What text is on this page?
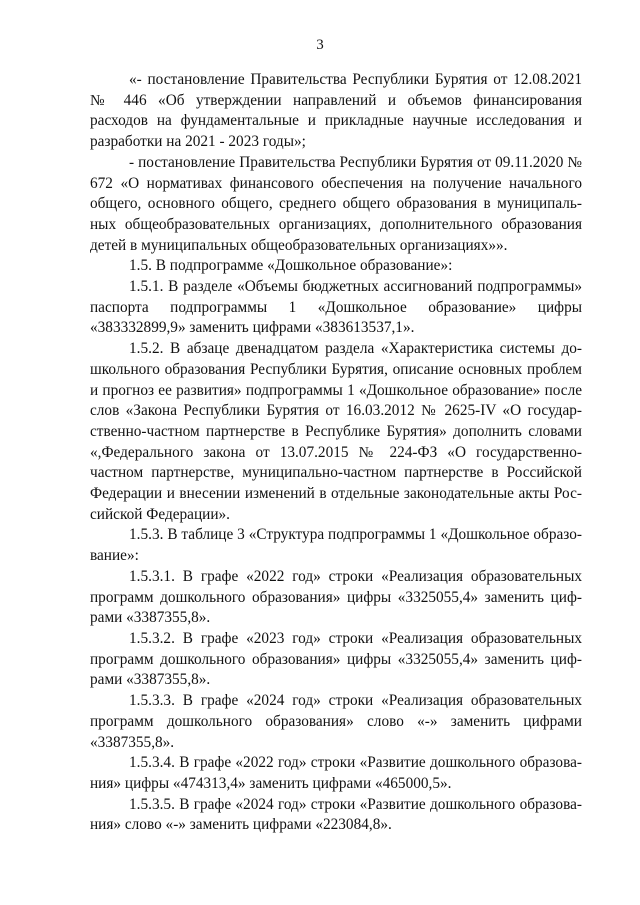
3

«- постановление Правительства Республики Бурятия от 12.08.2021 № 446 «Об утверждении направлений и объемов финансирования расходов на фундаментальные и прикладные научные исследования и разработки на 2021 - 2023 годы»;

- постановление Правительства Республики Бурятия от 09.11.2020 № 672 «О нормативах финансового обеспечения на получение начального общего, основного общего, среднего общего образования в муниципальных общеобразовательных организациях, дополнительного образования детей в муниципальных общеобразовательных организациях»».

1.5. В подпрограмме «Дошкольное образование»:

1.5.1. В разделе «Объемы бюджетных ассигнований подпрограммы» паспорта подпрограммы 1 «Дошкольное образование» цифры «383332899,9» заменить цифрами «383613537,1».

1.5.2. В абзаце двенадцатом раздела «Характеристика системы дошкольного образования Республики Бурятия, описание основных проблем и прогноз ее развития» подпрограммы 1 «Дошкольное образование» после слов «Закона Республики Бурятия от 16.03.2012 № 2625-IV «О государственно-частном партнерстве в Республике Бурятия» дополнить словами «,Федерального закона от 13.07.2015 № 224-ФЗ «О государственно-частном партнерстве, муниципально-частном партнерстве в Российской Федерации и внесении изменений в отдельные законодательные акты Российской Федерации».

1.5.3. В таблице 3 «Структура подпрограммы 1 «Дошкольное образование»:

1.5.3.1. В графе «2022 год» строки «Реализация образовательных программ дошкольного образования» цифры «3325055,4» заменить цифрами «3387355,8».

1.5.3.2. В графе «2023 год» строки «Реализация образовательных программ дошкольного образования» цифры «3325055,4» заменить цифрами «3387355,8».

1.5.3.3. В графе «2024 год» строки «Реализация образовательных программ дошкольного образования» слово «-» заменить цифрами «3387355,8».

1.5.3.4. В графе «2022 год» строки «Развитие дошкольного образования» цифры «474313,4» заменить цифрами «465000,5».

1.5.3.5. В графе «2024 год» строки «Развитие дошкольного образования» слово «-» заменить цифрами «223084,8».
